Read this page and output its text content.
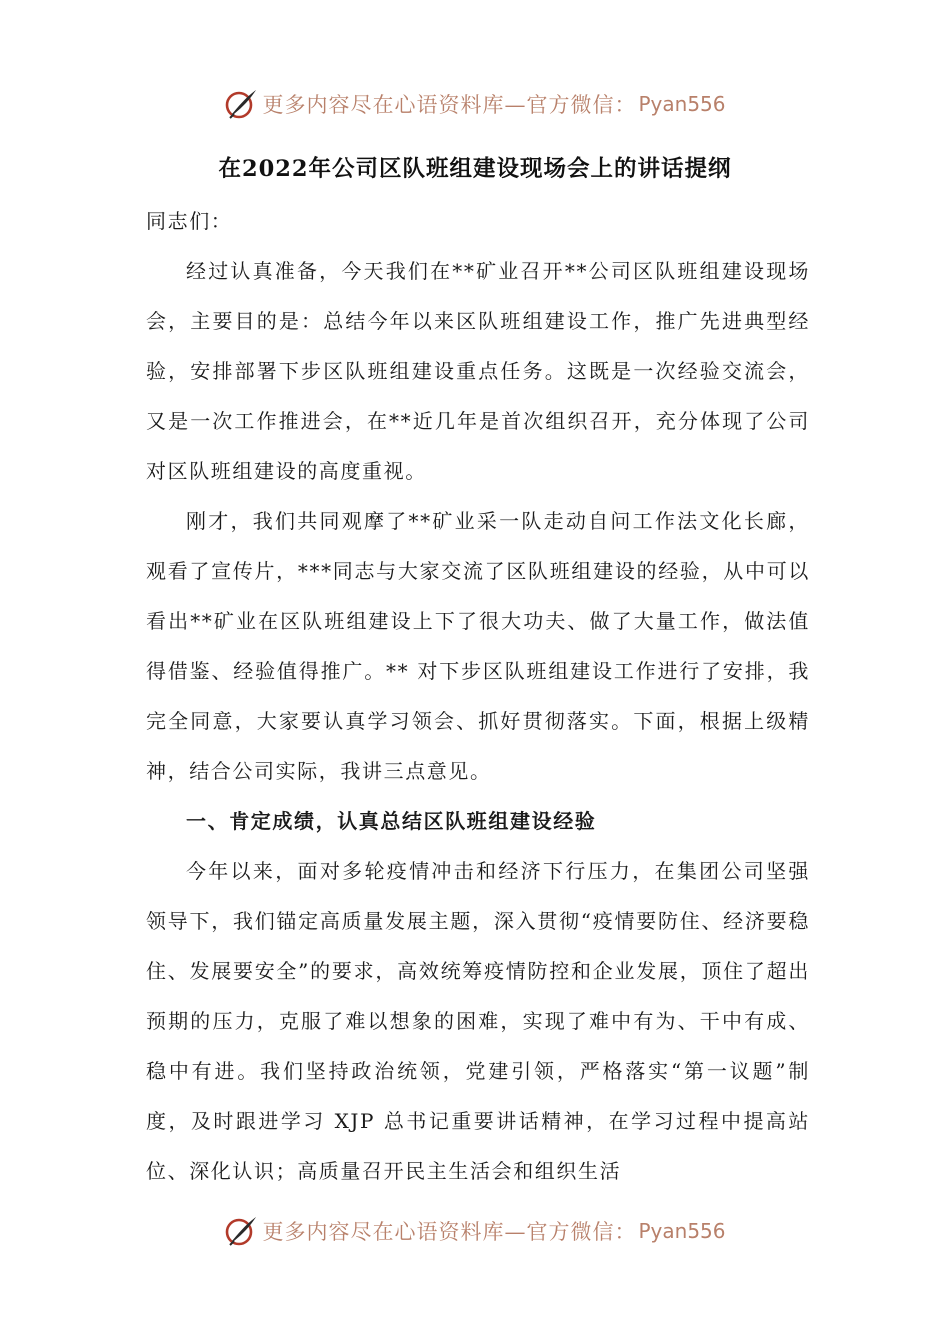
更多内容尽在心语资料库—官方微信： Pyan556
在2022年公司区队班组建设现场会上的讲话提纲

同志们：

经过认真准备，今天我们在**矿业召开**公司区队班组建设现场会，主要目的是：总结今年以来区队班组建设工作，推广先进典型经验，安排部署下步区队班组建设重点任务。这既是一次经验交流会，又是一次工作推进会，在**近几年是首次组织召开，充分体现了公司对区队班组建设的高度重视。

刚才，我们共同观摩了**矿业采一队走动自问工作法文化长廊，观看了宣传片，***同志与大家交流了区队班组建设的经验，从中可以看出**矿业在区队班组建设上下了很大功夫、做了大量工作，做法值得借鉴、经验值得推广。** 对下步区队班组建设工作进行了安排，我完全同意，大家要认真学习领会、抓好贯彻落实。下面，根据上级精神，结合公司实际，我讲三点意见。

一、肯定成绩，认真总结区队班组建设经验

今年以来，面对多轮疫情冲击和经济下行压力，在集团公司坚强领导下，我们锚定高质量发展主题，深入贯彻“疫情要防住、经济要稳住、发展要安全”的要求，高效统筹疫情防控和企业发展，顶住了超出预期的压力，克服了难以想象的困难，实现了难中有为、干中有成、稳中有进。我们坚持政治统领，党建引领，严格落实“第一议题”制度，及时跟进学习 XJP 总书记重要讲话精神，在学习过程中提高站位、深化认识；高质量召开民主生活会和组织生活

更多内容尽在心语资料库—官方微信： Pyan556
